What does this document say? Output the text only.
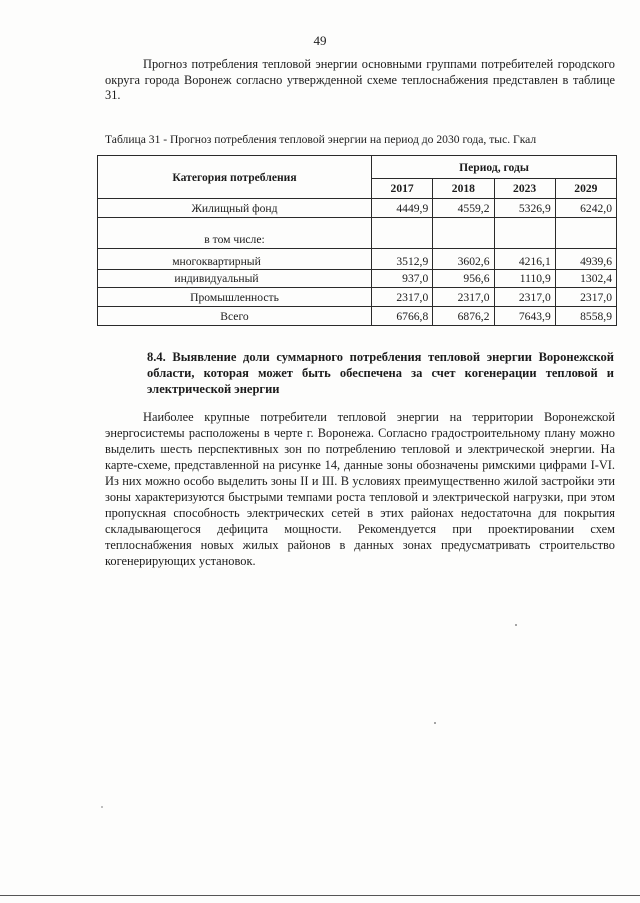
49

Прогноз потребления тепловой энергии основными группами потребителей городского округа города Воронеж согласно утвержденной схеме теплоснабжения представлен в таблице 31.

Таблица 31 - Прогноз потребления тепловой энергии на период до 2030 года, тыс. Гкал
Категория потребления	Период, годы			
	2017	2018	2023	2029
Жилищный фонд	4449,9	4559,2	5326,9	6242,0
в том числе:				
многоквартирный	3512,9	3602,6	4216,1	4939,6
индивидуальный	937,0	956,6	1110,9	1302,4
Промышленность	2317,0	2317,0	2317,0	2317,0
Всего	6766,8	6876,2	7643,9	8558,9
8.4. Выявление доли суммарного потребления тепловой энергии Воронежской области, которая может быть обеспечена за счет когенерации тепловой и электрической энергии

Наиболее крупные потребители тепловой энергии на территории Воронежской энергосистемы расположены в черте г. Воронежа. Согласно градостроительному плану можно выделить шесть перспективных зон по потреблению тепловой и электрической энергии. На карте-схеме, представленной на рисунке 14, данные зоны обозначены римскими цифрами I-VI. Из них можно особо выделить зоны II и III. В условиях преимущественно жилой застройки эти зоны характеризуются быстрыми темпами роста тепловой и электрической нагрузки, при этом пропускная способность электрических сетей в этих районах недостаточна для покрытия складывающегося дефицита мощности. Рекомендуется при проектировании схем теплоснабжения новых жилых районов в данных зонах предусматривать строительство когенерирующих установок.
